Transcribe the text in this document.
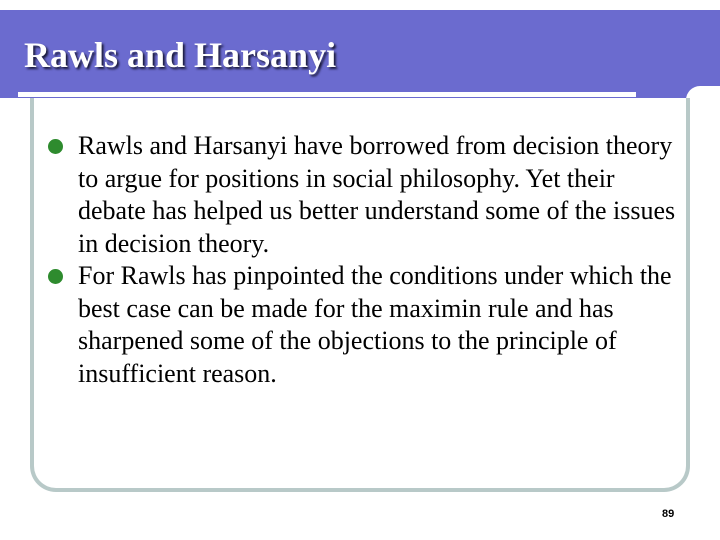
Rawls and Harsanyi
Rawls and Harsanyi have borrowed from decision theory to argue for positions in social philosophy. Yet their debate has helped us better understand some of the issues in decision theory.
For Rawls has pinpointed the conditions under which the best case can be made for the maximin rule and has sharpened some of the objections to the principle of insufficient reason.
89
